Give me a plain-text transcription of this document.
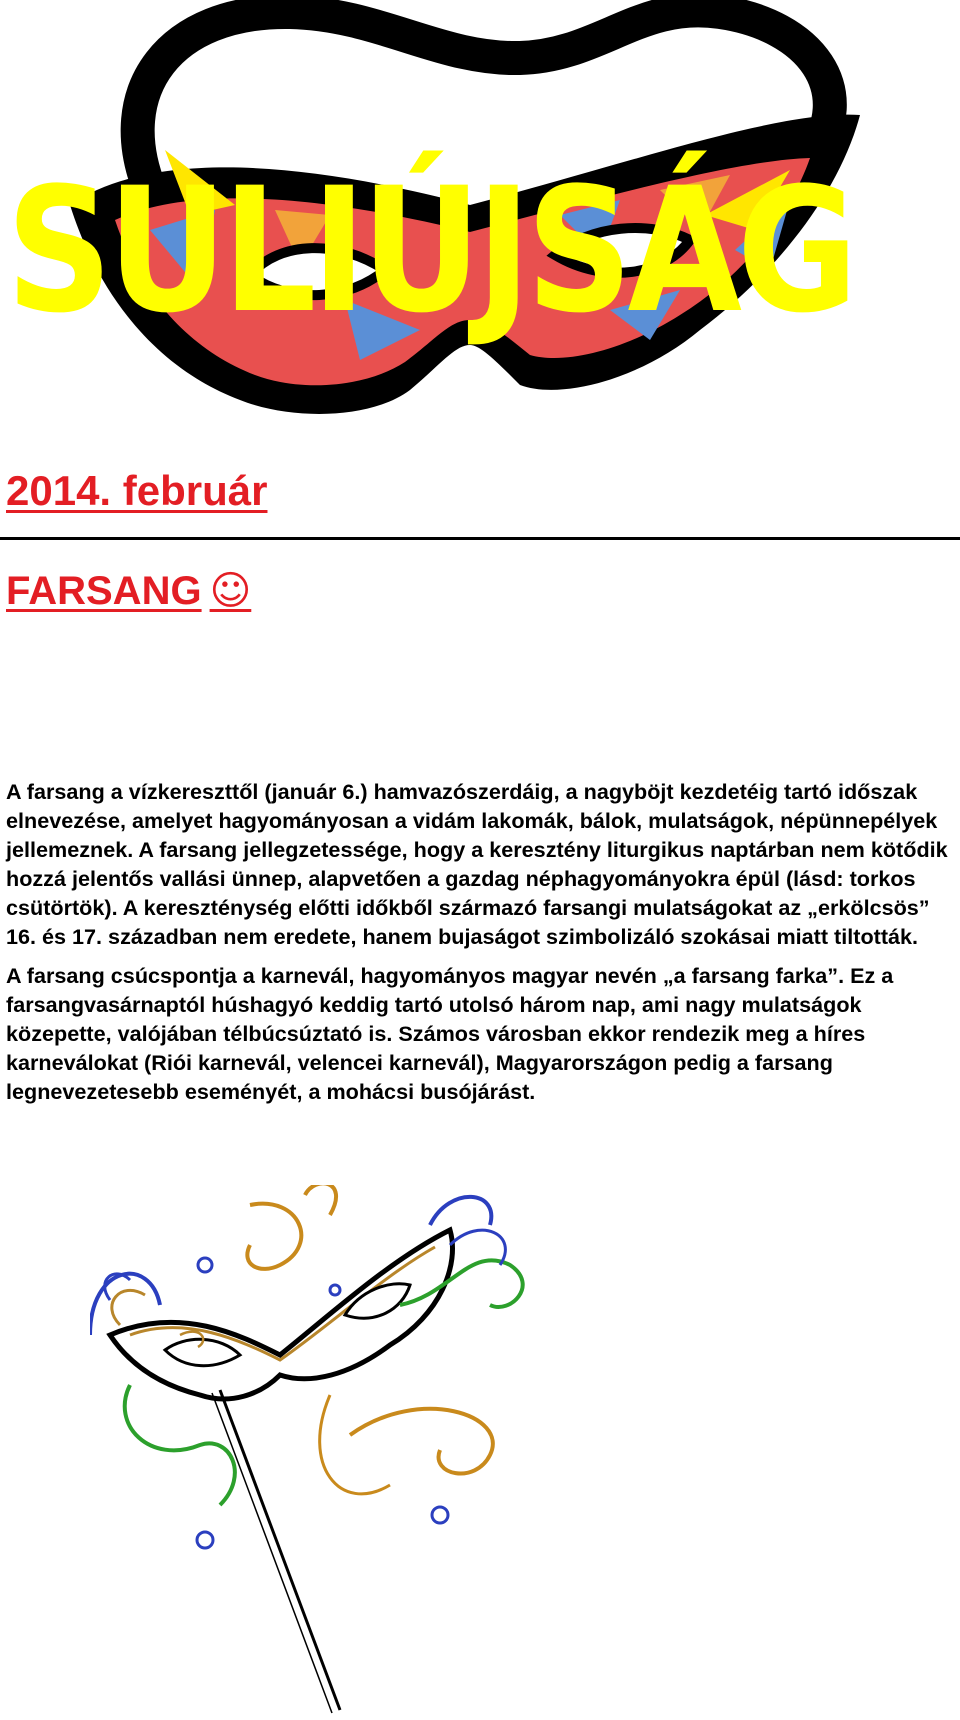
SULIÚJSÁG
2014. február
FARSANG ☺

A farsang a vízkereszttől (január 6.) hamvazószerdáig, a nagyböjt kezdetéig tartó időszak elnevezése, amelyet hagyományosan a vidám lakomák, bálok, mulatságok, népünnepélyek jellemeznek. A farsang jellegzetessége, hogy a keresztény liturgikus naptárban nem kötődik hozzá jelentős vallási ünnep, alapvetően a gazdag néphagyományokra épül (lásd: torkos csütörtök). A kereszténység előtti időkből származó farsangi mulatságokat az „erkölcsös” 16. és 17. században nem eredete, hanem bujaságot szimbolizáló szokásai miatt tiltották.

A farsang csúcspontja a karnevál, hagyományos magyar nevén „a farsang farka”. Ez a farsangvasárnaptól húshagyó keddig tartó utolsó három nap, ami nagy mulatságok közepette, valójában télbúcsúztató is. Számos városban ekkor rendezik meg a híres karneválokat (Riói karnevál, velencei karnevál), Magyarországon pedig a farsang legnevezetesebb eseményét, a mohácsi busójárást.
